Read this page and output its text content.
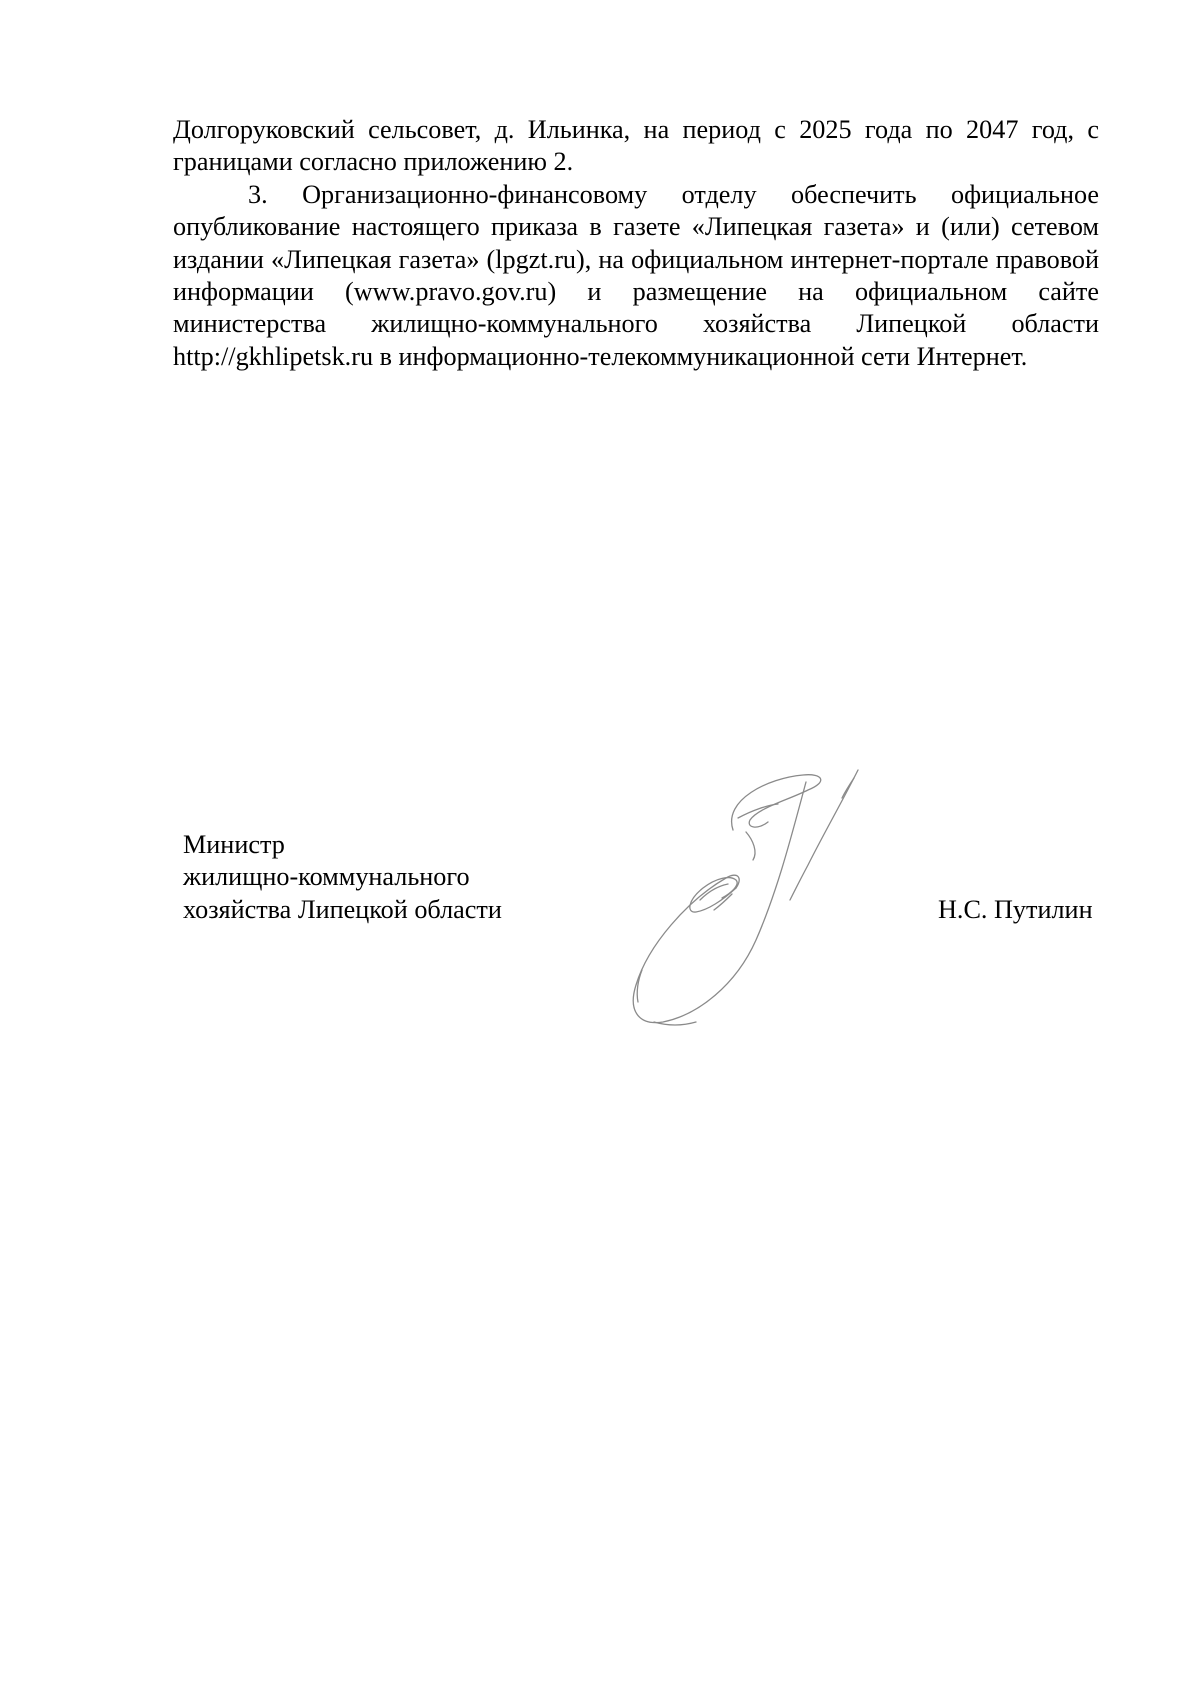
Долгоруковский сельсовет, д. Ильинка, на период с 2025 года по 2047 год, с границами согласно приложению 2.

3. Организационно-финансовому отделу обеспечить официальное опубликование настоящего приказа в газете «Липецкая газета» и (или) сетевом издании «Липецкая газета» (lpgzt.ru), на официальном интернет-портале правовой информации (www.pravo.gov.ru) и размещение на официальном сайте министерства жилищно-коммунального хозяйства Липецкой области http://gkhlipetsk.ru в информационно-телекоммуникационной сети Интернет.

Министр
жилищно-коммунального
хозяйства Липецкой области	Н.С. Путилин
